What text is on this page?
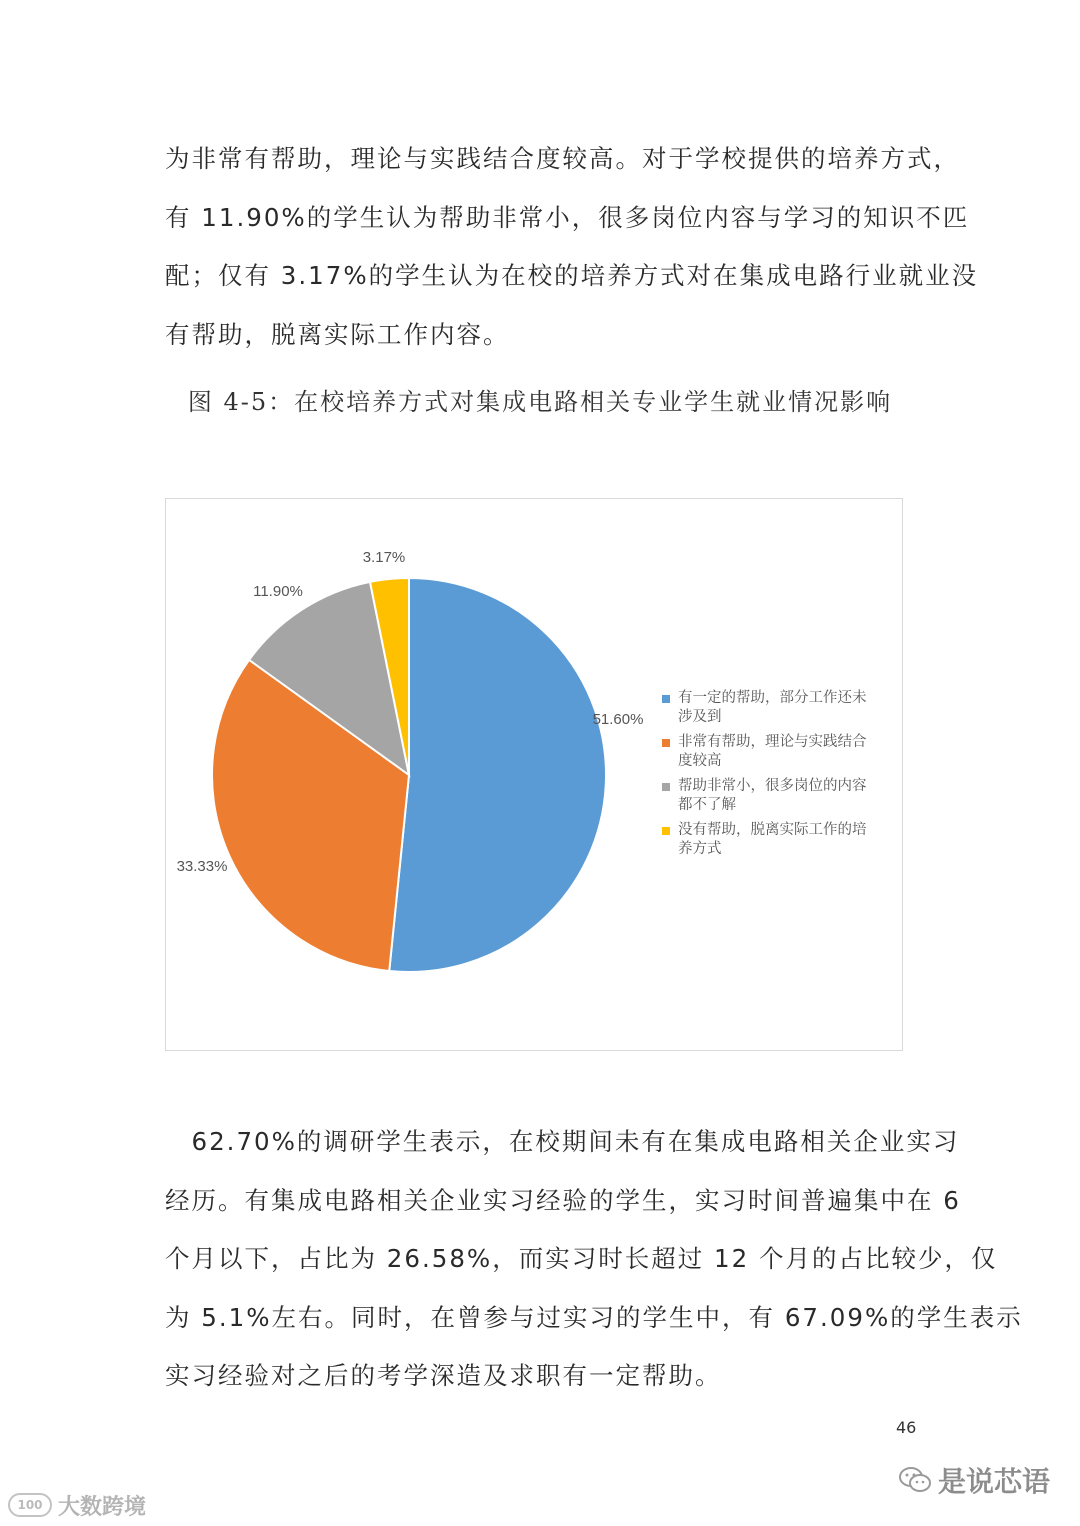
为非常有帮助，理论与实践结合度较高。对于学校提供的培养方式，
有 11.90%的学生认为帮助非常小，很多岗位内容与学习的知识不匹
配；仅有 3.17%的学生认为在校的培养方式对在集成电路行业就业没
有帮助，脱离实际工作内容。
图 4-5：在校培养方式对集成电路相关专业学生就业情况影响
51.60%
33.33%
11.90%
3.17%
有一定的帮助，部分工作还未
涉及到
非常有帮助，理论与实践结合
度较高
帮助非常小，很多岗位的内容
都不了解
没有帮助，脱离实际工作的培
养方式
　62.70%的调研学生表示，在校期间未有在集成电路相关企业实习
经历。有集成电路相关企业实习经验的学生，实习时间普遍集中在 6
个月以下，占比为 26.58%，而实习时长超过 12 个月的占比较少，仅
为 5.1%左右。同时，在曾参与过实习的学生中，有 67.09%的学生表示
实习经验对之后的考学深造及求职有一定帮助。
46
是说芯语
100 大数跨境
